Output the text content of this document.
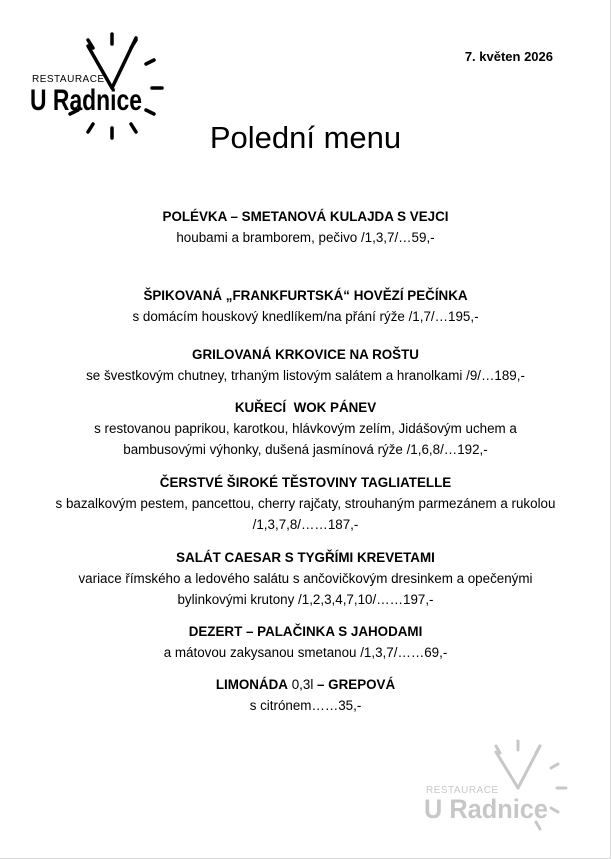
RESTAURACE
U Radnice
7. květen 2026
Polední menu
POLÉVKA – SMETANOVÁ KULAJDA S VEJCI
houbami a bramborem, pečivo /1,3,7/…59,-
ŠPIKOVANÁ „FRANKFURTSKÁ“ HOVĚZÍ PEČÍNKA
s domácím houskový knedlíkem/na přání rýže /1,7/…195,-
GRILOVANÁ KRKOVICE NA ROŠTU
se švestkovým chutney, trhaným listovým salátem a hranolkami /9/…189,-
KUŘECÍ  WOK PÁNEV
s restovanou paprikou, karotkou, hlávkovým zelím, Jidášovým uchem a bambusovými výhonky, dušená jasmínová rýže /1,6,8/…192,-
ČERSTVÉ ŠIROKÉ TĚSTOVINY TAGLIATELLE
s bazalkovým pestem, pancettou, cherry rajčaty, strouhaným parmezánem a rukolou /1,3,7,8/……187,-
SALÁT CAESAR S TYGŘÍMI KREVETAMI
variace římského a ledového salátu s ančovičkovým dresinkem a opečenými bylinkovými krutony /1,2,3,4,7,10/……197,-
DEZERT – PALAČINKA S JAHODAMI
a mátovou zakysanou smetanou /1,3,7/……69,-
LIMONÁDA 0,3l – GREPOVÁ
s citrónem……35,-
RESTAURACE
U Radnice
